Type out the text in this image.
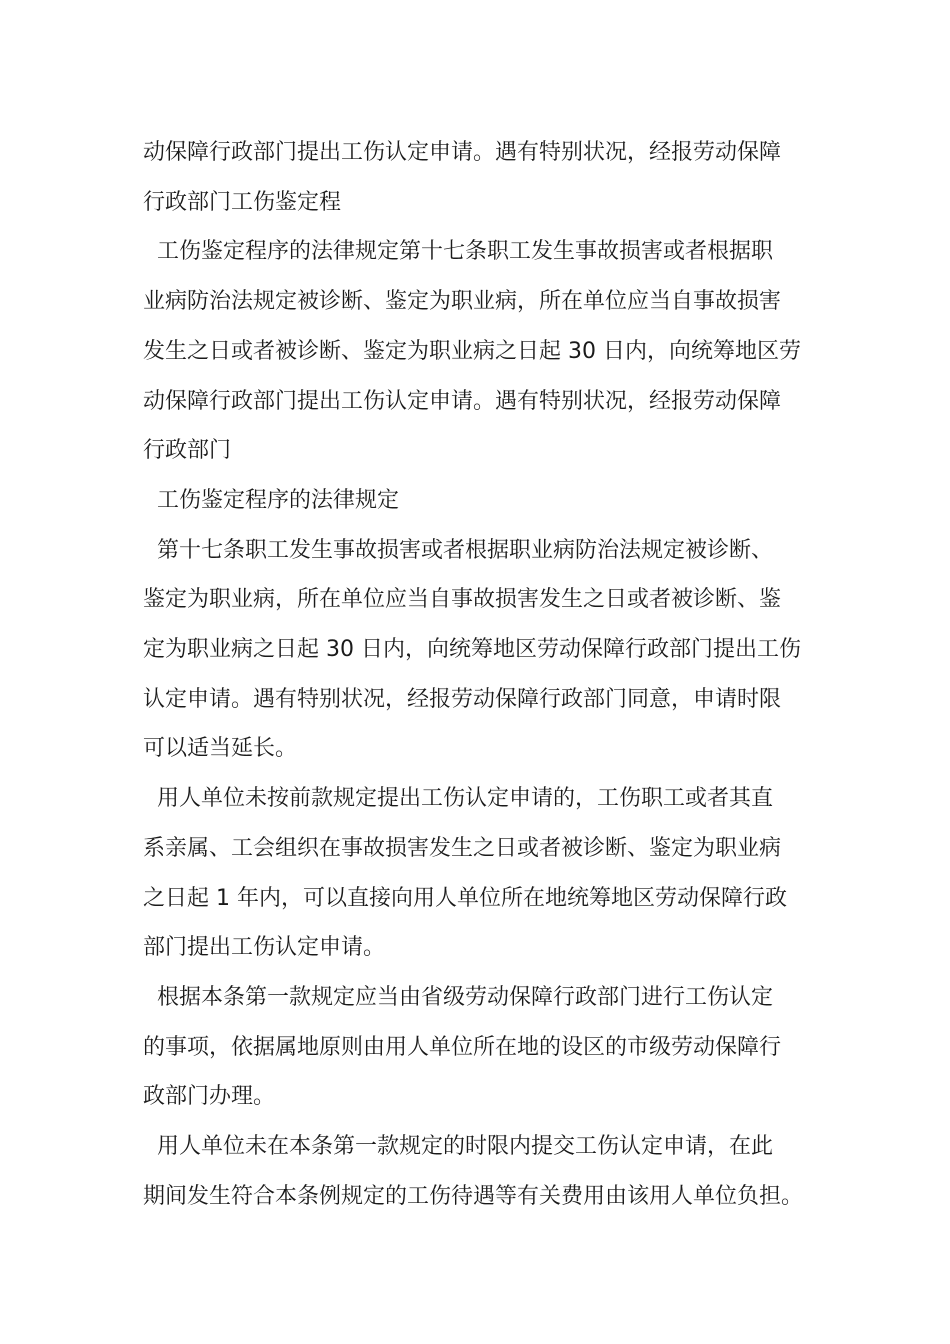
动保障行政部门提出工伤认定申请。遇有特别状况，经报劳动保障

行政部门工伤鉴定程

工伤鉴定程序的法律规定第十七条职工发生事故损害或者根据职

业病防治法规定被诊断、鉴定为职业病，所在单位应当自事故损害

发生之日或者被诊断、鉴定为职业病之日起 30 日内，向统筹地区劳

动保障行政部门提出工伤认定申请。遇有特别状况，经报劳动保障

行政部门

工伤鉴定程序的法律规定

第十七条职工发生事故损害或者根据职业病防治法规定被诊断、

鉴定为职业病，所在单位应当自事故损害发生之日或者被诊断、鉴

定为职业病之日起 30 日内，向统筹地区劳动保障行政部门提出工伤

认定申请。遇有特别状况，经报劳动保障行政部门同意，申请时限

可以适当延长。

用人单位未按前款规定提出工伤认定申请的，工伤职工或者其直

系亲属、工会组织在事故损害发生之日或者被诊断、鉴定为职业病

之日起 1 年内，可以直接向用人单位所在地统筹地区劳动保障行政

部门提出工伤认定申请。

根据本条第一款规定应当由省级劳动保障行政部门进行工伤认定

的事项，依据属地原则由用人单位所在地的设区的市级劳动保障行

政部门办理。

用人单位未在本条第一款规定的时限内提交工伤认定申请，在此

期间发生符合本条例规定的工伤待遇等有关费用由该用人单位负担。
